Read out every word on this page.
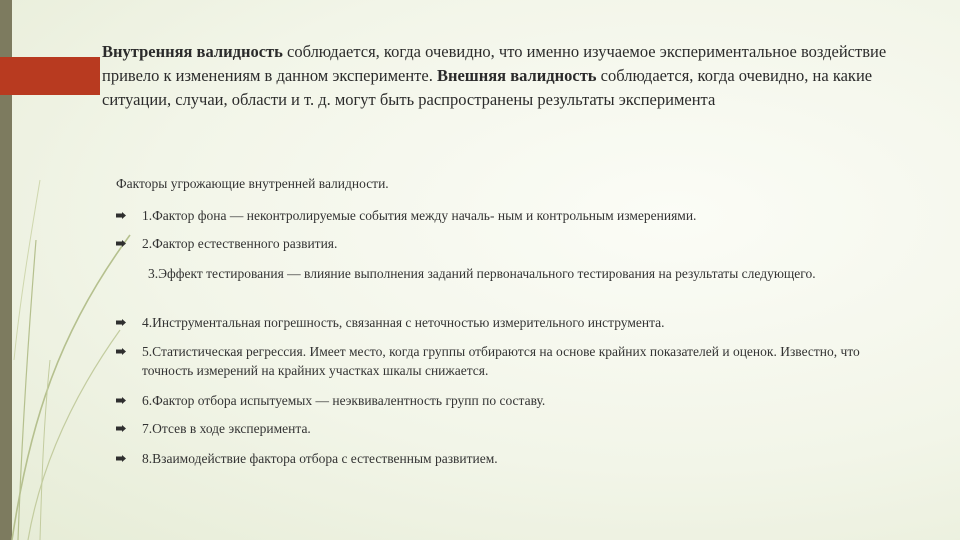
Внутренняя валидность соблюдается, когда очевидно, что именно изучаемое экспериментальное воздействие привело к изменениям в данном эксперименте. Внешняя валидность соблюдается, когда очевидно, на какие ситуации, случаи, области и т. д. могут быть распространены результаты эксперимента

Факторы угрожающие внутренней валидности.
1.Фактор фона — неконтролируемые события между началь- ным и контрольным измерениями.
2.Фактор естественного развития.
3.Эффект тестирования — влияние выполнения заданий первоначального тестирования на результаты следующего.
4.Инструментальная погрешность, связанная с неточностью измерительного инструмента.
5.Статистическая регрессия. Имеет место, когда группы отбираются на основе крайних показателей и оценок. Известно, что точность измерений на крайних участках шкалы снижается.
6.Фактор отбора испытуемых — неэквивалентность групп по составу.
7.Отсев в ходе эксперимента.
8.Взаимодействие фактора отбора с естественным развитием.
